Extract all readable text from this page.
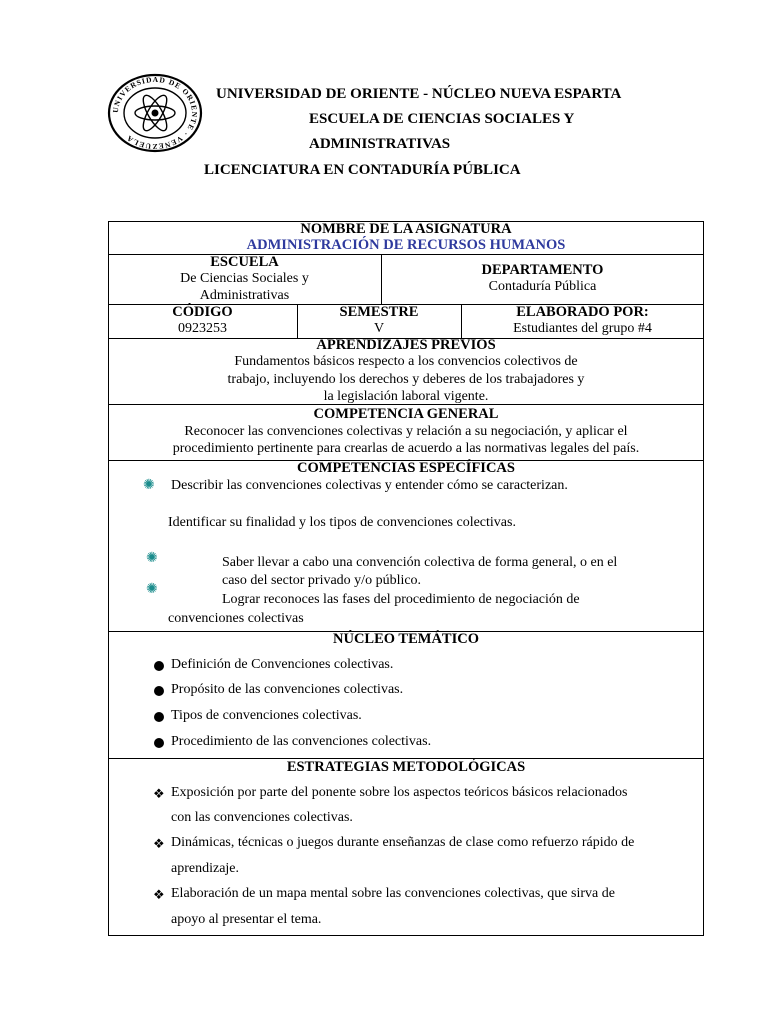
UNIVERSIDAD DE ORIENTE · VENEZUELA
UNIVERSIDAD DE ORIENTE - NÚCLEO NUEVA ESPARTA
ESCUELA DE CIENCIAS SOCIALES Y
ADMINISTRATIVAS
LICENCIATURA EN CONTADURÍA PÚBLICA
NOMBRE DE LA ASIGNATURA
ADMINISTRACIÓN DE RECURSOS HUMANOS
ESCUELA
De Ciencias Sociales y
Administrativas
DEPARTAMENTO
Contaduría Pública
CÓDIGO
0923253
SEMESTRE
V
ELABORADO POR:
Estudiantes del grupo #4
APRENDIZAJES PREVIOS
Fundamentos básicos respecto a los convencios colectivos de
trabajo, incluyendo los derechos y deberes de los trabajadores y
la legislación laboral vigente.
COMPETENCIA GENERAL
Reconocer las convenciones colectivas y relación a su negociación, y aplicar el
procedimiento pertinente para crearlas de acuerdo a las normativas legales del país.
COMPETENCIAS ESPECÍFICAS
✺ Describir las convenciones colectivas y entender cómo se caracterizan.
Identificar su finalidad y los tipos de convenciones colectivas.
✺	Saber llevar a cabo una convención colectiva de forma general, o en el
caso del sector privado y/o público.
✺
Lograr reconoces las fases del procedimiento de negociación de
convenciones colectivas
NÚCLEO TEMÁTICO
Definición de Convenciones colectivas.
Propósito de las convenciones colectivas.
Tipos de convenciones colectivas.
Procedimiento de las convenciones colectivas.
ESTRATEGIAS METODOLÓGICAS
❖ Exposición por parte del ponente sobre los aspectos teóricos básicos relacionados
con las convenciones colectivas.
❖ Dinámicas, técnicas o juegos durante enseñanzas de clase como refuerzo rápido de
aprendizaje.
❖ Elaboración de un mapa mental sobre las convenciones colectivas, que sirva de
apoyo al presentar el tema.
